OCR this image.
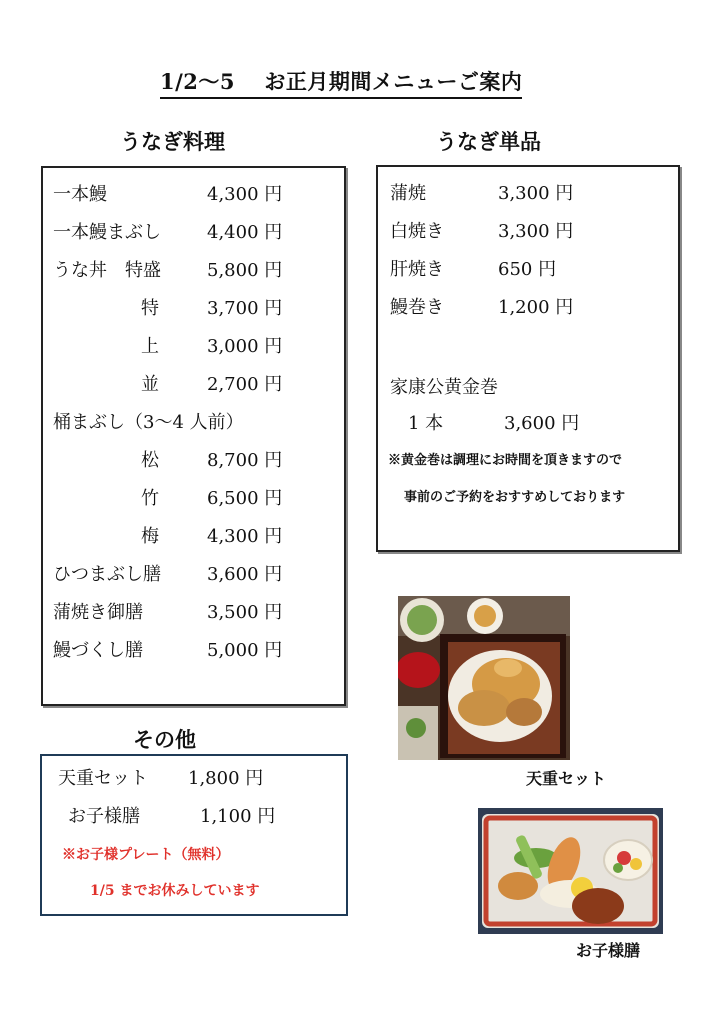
1/2～5　 お正月期間メニューご案内
うなぎ料理
一本鰻	4,300 円
一本鰻まぶし	4,400 円
うな丼　特盛	5,800 円
特	3,700 円
上	3,000 円
並	2,700 円
桶まぶし（3～4 人前）
松	8,700 円
竹	6,500 円
梅	4,300 円
ひつまぶし膳	3,600 円
蒲焼き御膳	3,500 円
鰻づくし膳	5,000 円
うなぎ単品
蒲焼	3,300 円
白焼き	3,300 円
肝焼き	650 円
鰻巻き	1,200 円
家康公黄金巻
1 本	3,600 円
※黄金巻は調理にお時間を頂きますので
事前のご予約をおすすめしております
その他
天重セット 1,800 円
お子様膳	1,100 円
※お子様プレート（無料）
1/5 までお休みしています
天重セット
お子様膳
